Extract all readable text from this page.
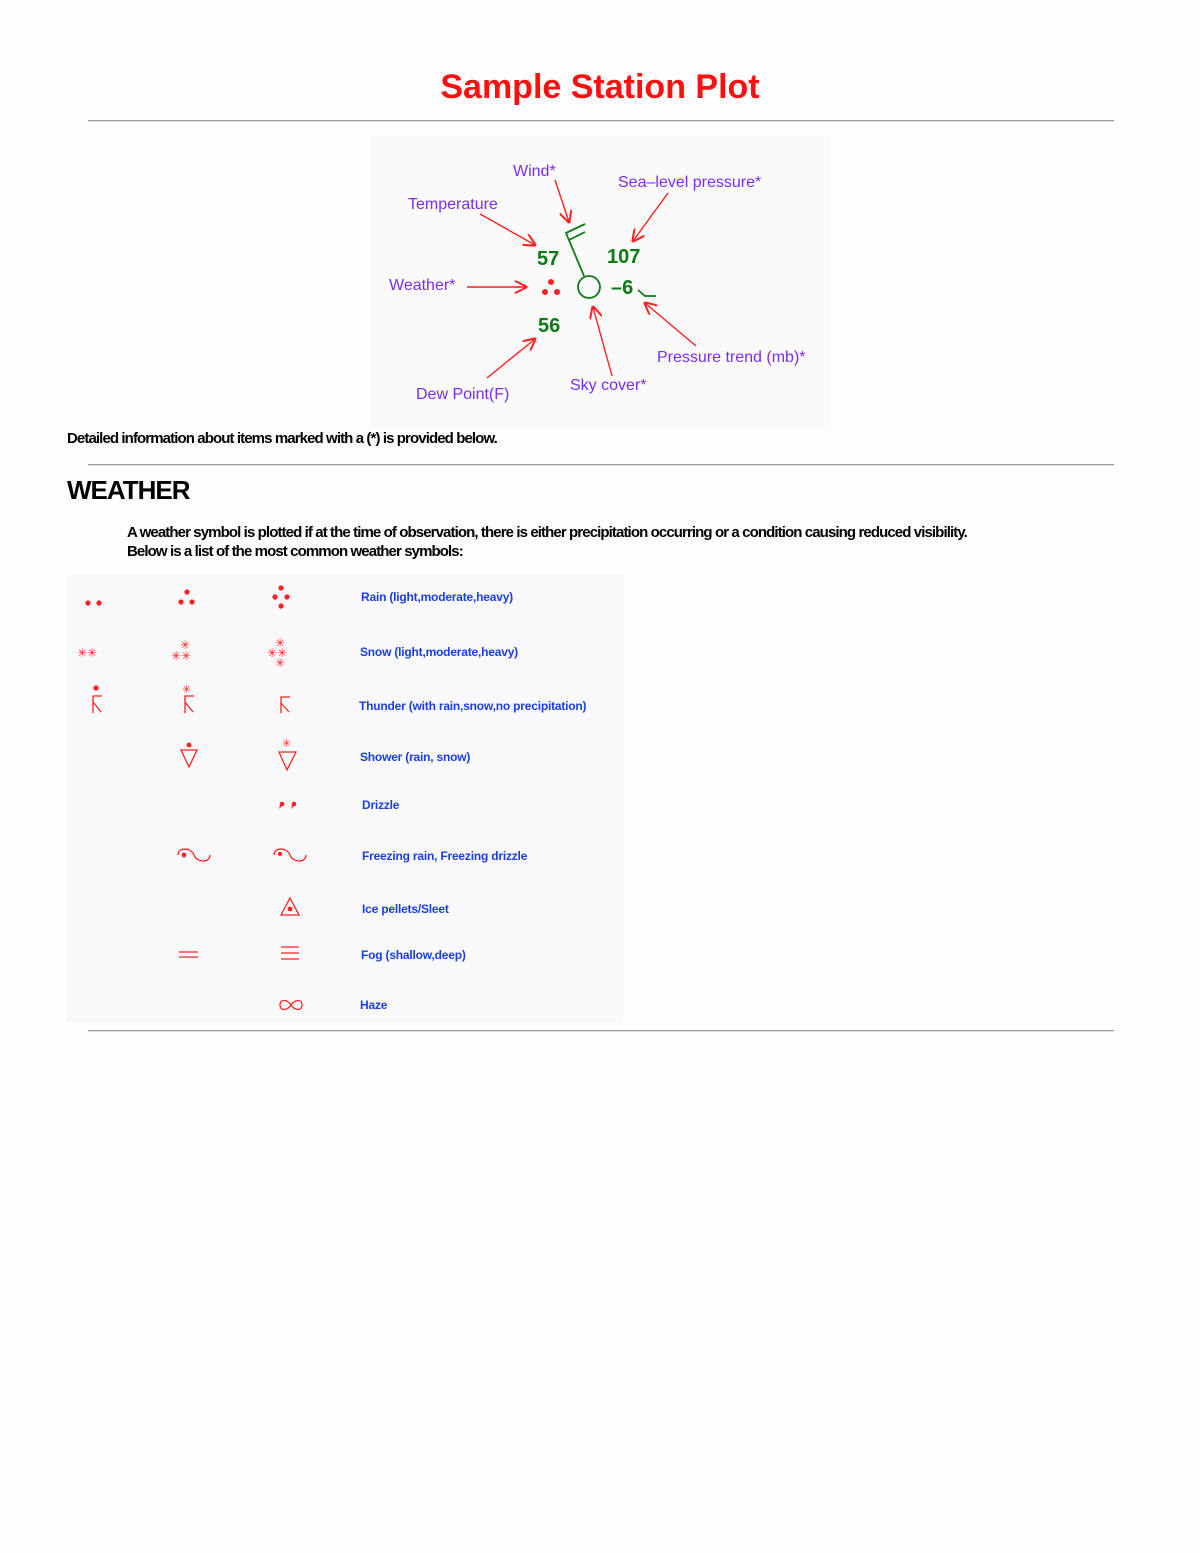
Sample Station Plot
Wind*
Sea–level pressure*
Temperature
Weather*
Pressure trend (mb)*
Sky cover*
Dew Point(F)
57 107
–6
56

Detailed information about items marked with a (*) is provided below.

WEATHER

A weather symbol is plotted if at the time of observation, there is either precipitation occurring or a condition causing reduced visibility.
Below is a list of the most common weather symbols:

✳✳
✳
✳✳
✳
✳✳
✳
✳
✳
Rain (light,moderate,heavy)
Snow (light,moderate,heavy)
Thunder (with rain,snow,no precipitation)
Shower (rain, snow)
Drizzle
Freezing rain, Freezing drizzle
Ice pellets/Sleet
Fog (shallow,deep)
Haze
